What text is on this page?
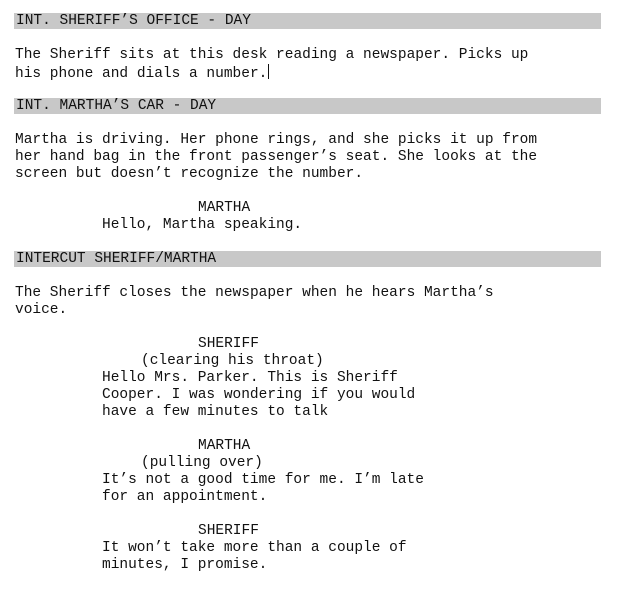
INT. SHERIFF’S OFFICE - DAY
The Sheriff sits at this desk reading a newspaper. Picks up
his phone and dials a number.
INT. MARTHA’S CAR - DAY
Martha is driving. Her phone rings, and she picks it up from
her hand bag in the front passenger’s seat. She looks at the
screen but doesn’t recognize the number.
MARTHA
Hello, Martha speaking.
INTERCUT SHERIFF/MARTHA
The Sheriff closes the newspaper when he hears Martha’s
voice.
SHERIFF
(clearing his throat)
Hello Mrs. Parker. This is Sheriff
Cooper. I was wondering if you would
have a few minutes to talk
MARTHA
(pulling over)
It’s not a good time for me. I’m late
for an appointment.
SHERIFF
It won’t take more than a couple of
minutes, I promise.
